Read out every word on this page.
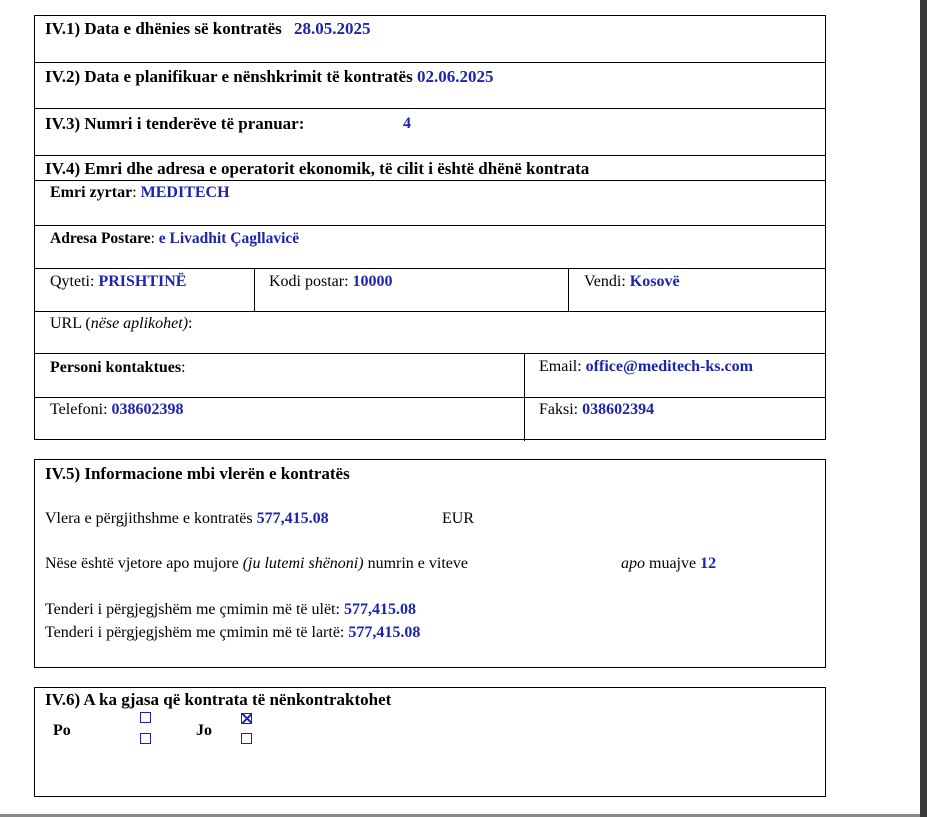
IV.1) Data e dhënies së kontratës 28.05.2025
IV.2) Data e planifikuar e nënshkrimit të kontratës 02.06.2025
IV.3) Numri i tenderëve të pranuar:	4
IV.4) Emri dhe adresa e operatorit ekonomik, të cilit i është dhënë kontrata
Emri zyrtar: MEDITECH
Adresa Postare: e Livadhit Çagllavicë
Qyteti: PRISHTINË	Kodi postar: 10000	Vendi: Kosovë
URL (nëse aplikohet):
Personi kontaktues:	Email: office@meditech-ks.com
Telefoni: 038602398	Faksi: 038602394
IV.5) Informacione mbi vlerën e kontratës
Vlera e përgjithshme e kontratës 577,415.08	EUR
Nëse është vjetore apo mujore (ju lutemi shënoni) numrin e viteve	apo muajve 12
Tenderi i përgjegjshëm me çmimin më të ulët: 577,415.08
Tenderi i përgjegjshëm me çmimin më të lartë: 577,415.08
IV.6) A ka gjasa që kontrata të nënkontraktohet
Po	Jo
